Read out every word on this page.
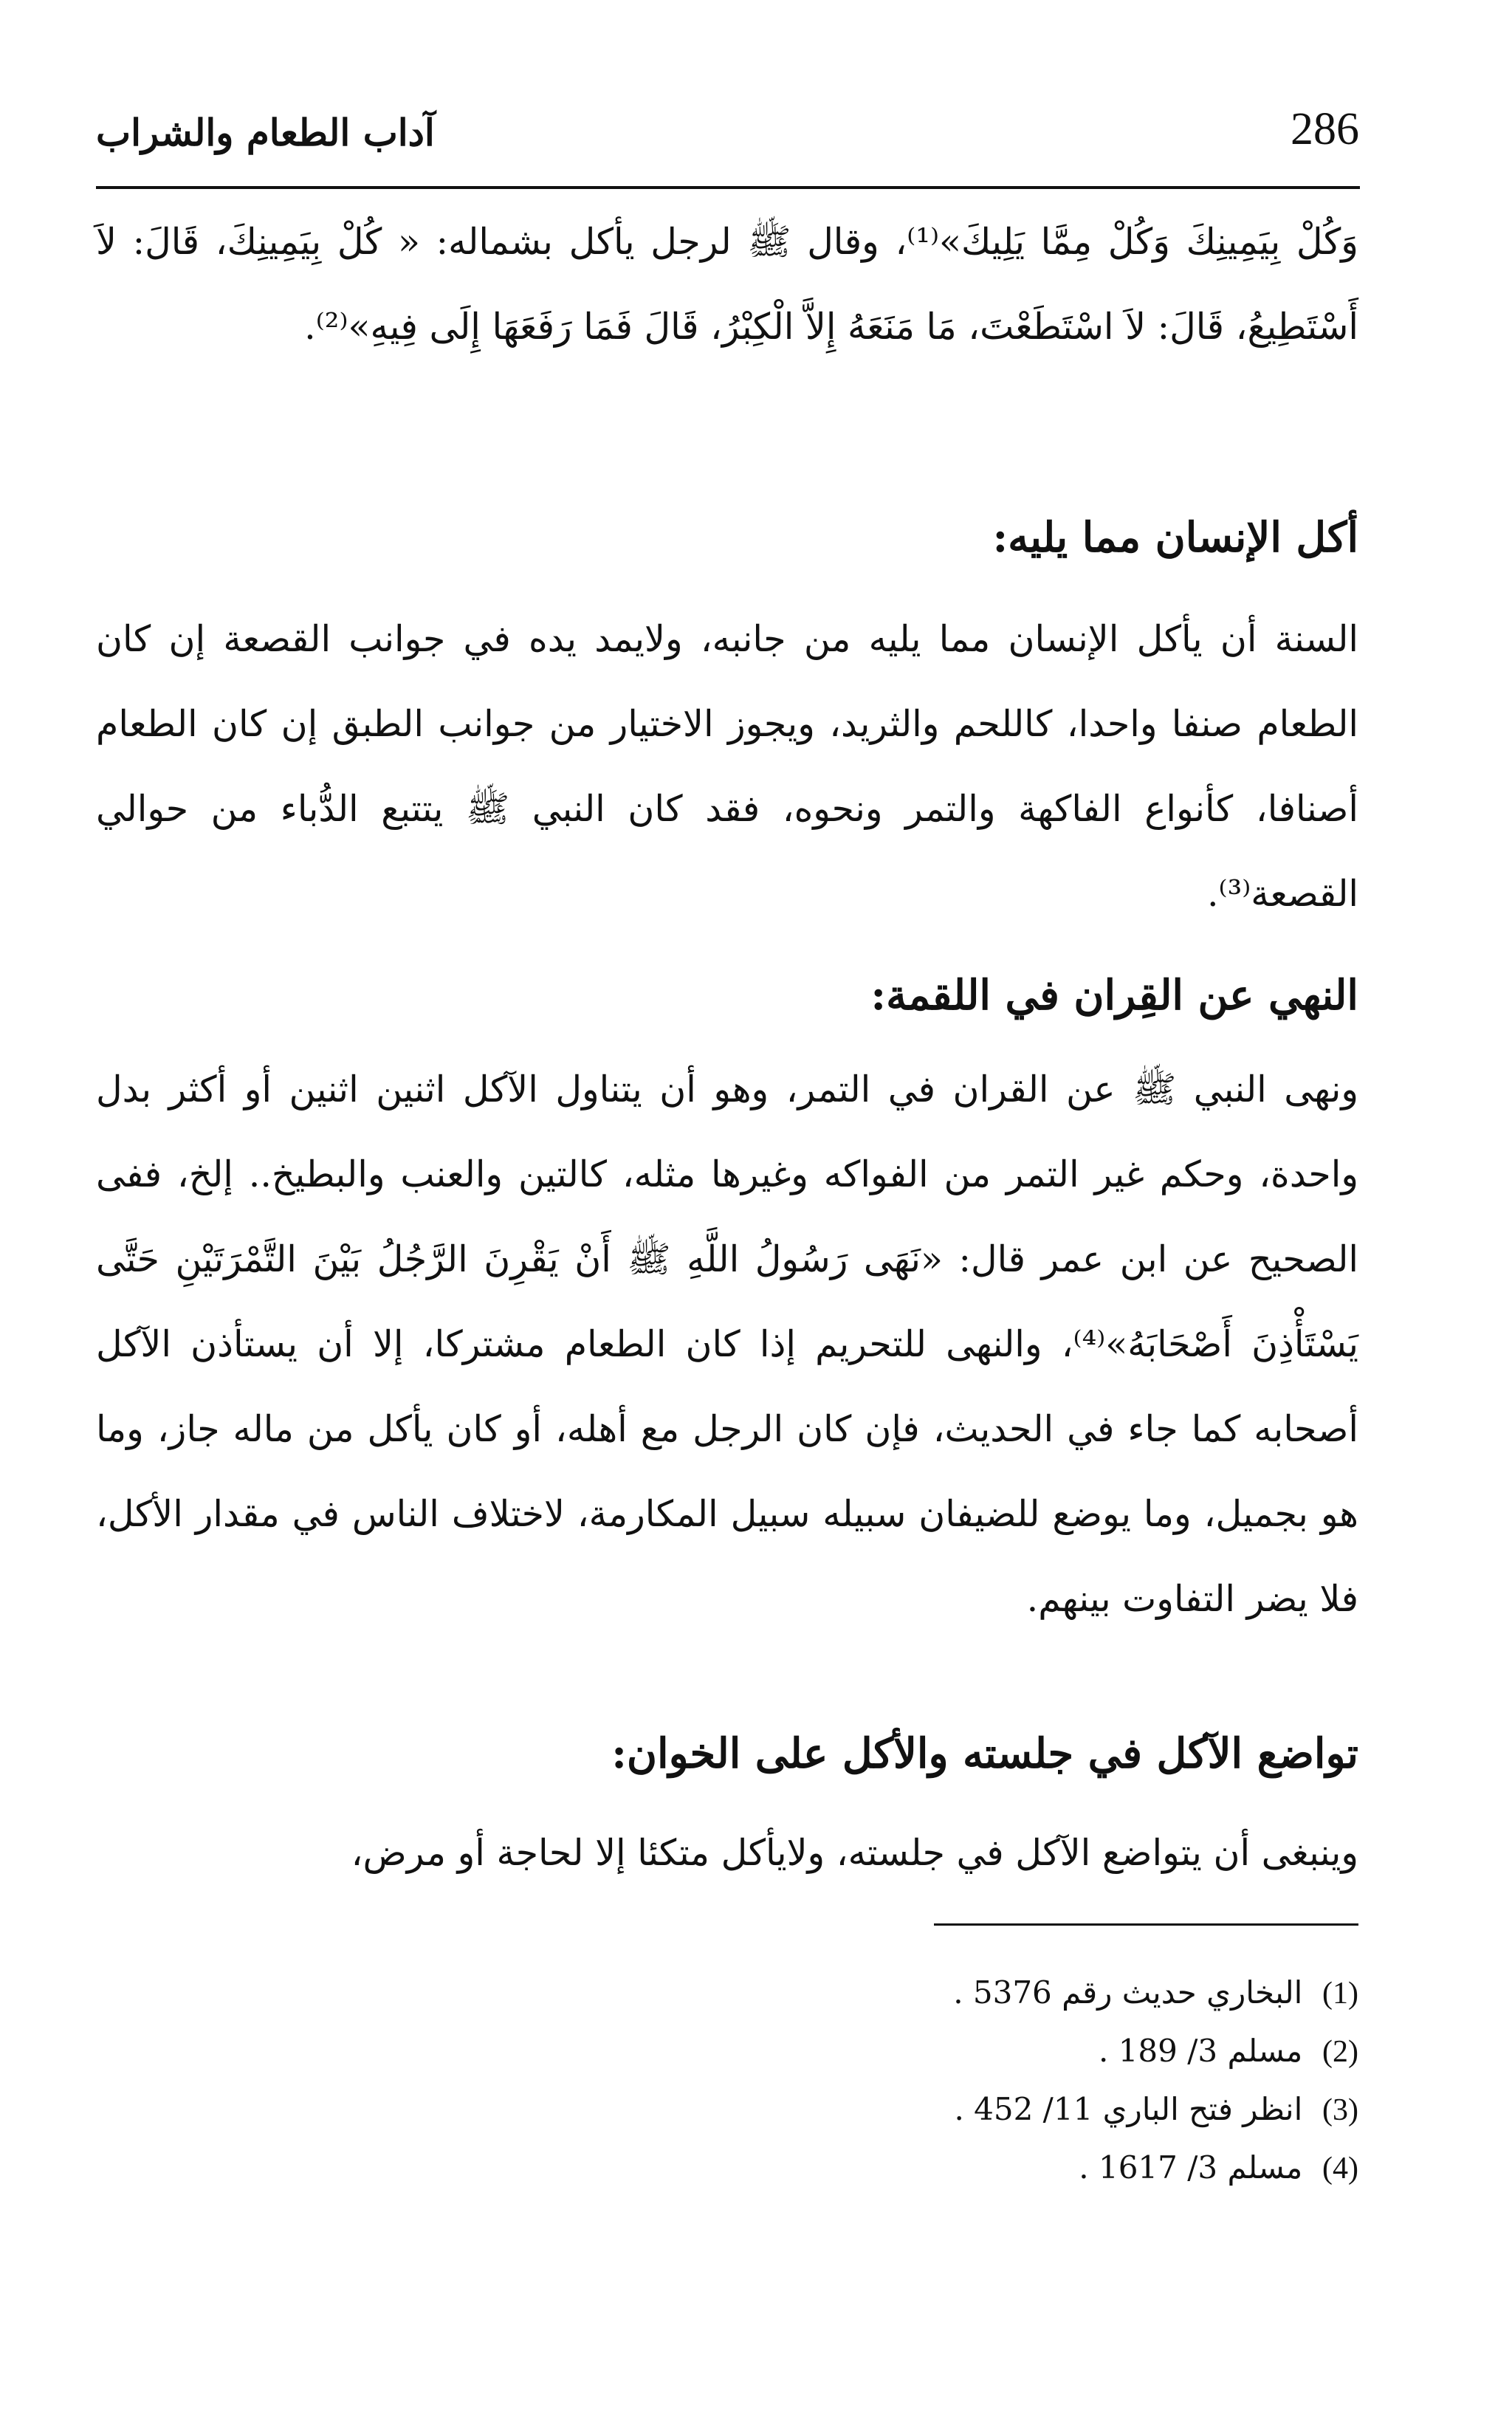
286
آداب الطعام والشراب

وَكُلْ بِيَمِينِكَ وَكُلْ مِمَّا يَلِيكَ»⁽¹⁾، وقال ﷺ لرجل يأكل بشماله: « كُلْ بِيَمِينِكَ، قَالَ: لاَ أَسْتَطِيعُ، قَالَ: لاَ اسْتَطَعْتَ، مَا مَنَعَهُ إِلاَّ الْكِبْرُ، قَالَ فَمَا رَفَعَهَا إِلَى فِيهِ»⁽²⁾.

أكل الإنسان مما يليه:

السنة أن يأكل الإنسان مما يليه من جانبه، ولايمد يده في جوانب القصعة إن كان الطعام صنفا واحدا، كاللحم والثريد، ويجوز الاختيار من جوانب الطبق إن كان الطعام أصنافا، كأنواع الفاكهة والتمر ونحوه، فقد كان النبي ﷺ يتتبع الدُّباء من حوالي القصعة⁽³⁾.

النهي عن القِران في اللقمة:

ونهى النبي ﷺ عن القران في التمر، وهو أن يتناول الآكل اثنين اثنين أو أكثر بدل واحدة، وحكم غير التمر من الفواكه وغيرها مثله، كالتين والعنب والبطيخ.. إلخ، ففى الصحيح عن ابن عمر قال: «نَهَى رَسُولُ اللَّهِ ﷺ أَنْ يَقْرِنَ الرَّجُلُ بَيْنَ التَّمْرَتَيْنِ حَتَّى يَسْتَأْذِنَ أَصْحَابَهُ»⁽⁴⁾، والنهى للتحريم إذا كان الطعام مشتركا، إلا أن يستأذن الآكل أصحابه كما جاء في الحديث، فإن كان الرجل مع أهله، أو كان يأكل من ماله جاز، وما هو بجميل، وما يوضع للضيفان سبيله سبيل المكارمة، لاختلاف الناس في مقدار الأكل، فلا يضر التفاوت بينهم.

تواضع الآكل في جلسته والأكل على الخوان:

وينبغى أن يتواضع الآكل في جلسته، ولايأكل متكئا إلا لحاجة أو مرض،

(1)  البخاري حديث رقم 5376 .
(2)  مسلم 3/ 189 .
(3)  انظر فتح الباري 11/ 452 .
(4)  مسلم 3/ 1617 .
